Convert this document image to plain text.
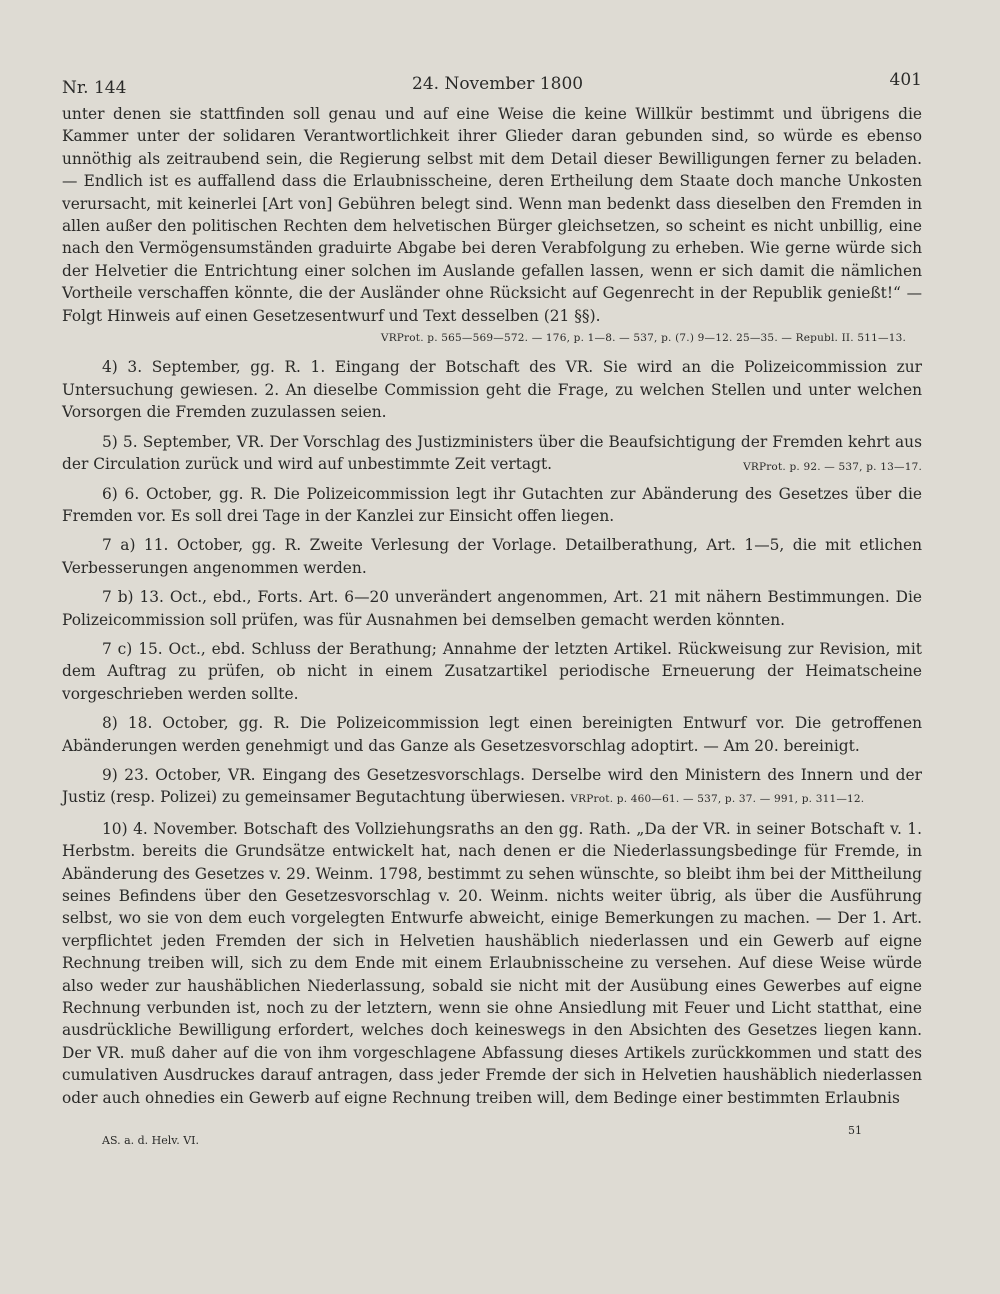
Nr. 144	24. November 1800	401

unter denen sie stattfinden soll genau und auf eine Weise die keine Willkür bestimmt und übrigens die Kammer unter der solidaren Verantwortlichkeit ihrer Glieder daran gebunden sind, so würde es ebenso unnöthig als zeitraubend sein, die Regierung selbst mit dem Detail dieser Bewilligungen ferner zu beladen. — Endlich ist es auffallend dass die Erlaubnisscheine, deren Ertheilung dem Staate doch manche Unkosten verursacht, mit keinerlei [Art von] Gebühren belegt sind. Wenn man bedenkt dass dieselben den Fremden in allen außer den politischen Rechten dem helvetischen Bürger gleichsetzen, so scheint es nicht unbillig, eine nach den Vermögensumständen graduirte Abgabe bei deren Verabfolgung zu erheben. Wie gerne würde sich der Helvetier die Entrichtung einer solchen im Auslande gefallen lassen, wenn er sich damit die nämlichen Vortheile verschaffen könnte, die der Ausländer ohne Rücksicht auf Gegenrecht in der Republik genießt!“ — Folgt Hinweis auf einen Gesetzesentwurf und Text desselben (21 §§).
VRProt. p. 565—569—572. — 176, p. 1—8. — 537, p. (7.) 9—12. 25—35. — Republ. II. 511—13.

4) 3. September, gg. R. 1. Eingang der Botschaft des VR. Sie wird an die Polizeicommission zur Untersuchung gewiesen. 2. An dieselbe Commission geht die Frage, zu welchen Stellen und unter welchen Vorsorgen die Fremden zuzulassen seien.

5) 5. September, VR. Der Vorschlag des Justizministers über die Beaufsichtigung der Fremden kehrt aus der Circulation zurück und wird auf unbestimmte Zeit vertagt.	VRProt. p. 92. — 537, p. 13—17.

6) 6. October, gg. R. Die Polizeicommission legt ihr Gutachten zur Abänderung des Gesetzes über die Fremden vor. Es soll drei Tage in der Kanzlei zur Einsicht offen liegen.

7 a) 11. October, gg. R. Zweite Verlesung der Vorlage. Detailberathung, Art. 1—5, die mit etlichen Verbesserungen angenommen werden.

7 b) 13. Oct., ebd., Forts. Art. 6—20 unverändert angenommen, Art. 21 mit nähern Bestimmungen. Die Polizeicommission soll prüfen, was für Ausnahmen bei demselben gemacht werden könnten.

7 c) 15. Oct., ebd. Schluss der Berathung; Annahme der letzten Artikel. Rückweisung zur Revision, mit dem Auftrag zu prüfen, ob nicht in einem Zusatzartikel periodische Erneuerung der Heimatscheine vorgeschrieben werden sollte.

8) 18. October, gg. R. Die Polizeicommission legt einen bereinigten Entwurf vor. Die getroffenen Abänderungen werden genehmigt und das Ganze als Gesetzesvorschlag adoptirt. — Am 20. bereinigt.

9) 23. October, VR. Eingang des Gesetzesvorschlags. Derselbe wird den Ministern des Innern und der Justiz (resp. Polizei) zu gemeinsamer Begutachtung überwiesen. VRProt. p. 460—61. — 537, p. 37. — 991, p. 311—12.

10) 4. November. Botschaft des Vollziehungsraths an den gg. Rath. „Da der VR. in seiner Botschaft v. 1. Herbstm. bereits die Grundsätze entwickelt hat, nach denen er die Niederlassungsbedinge für Fremde, in Abänderung des Gesetzes v. 29. Weinm. 1798, bestimmt zu sehen wünschte, so bleibt ihm bei der Mittheilung seines Befindens über den Gesetzesvorschlag v. 20. Weinm. nichts weiter übrig, als über die Ausführung selbst, wo sie von dem euch vorgelegten Entwurfe abweicht, einige Bemerkungen zu machen. — Der 1. Art. verpflichtet jeden Fremden der sich in Helvetien haushäblich niederlassen und ein Gewerb auf eigne Rechnung treiben will, sich zu dem Ende mit einem Erlaubnisscheine zu versehen. Auf diese Weise würde also weder zur haushäblichen Niederlassung, sobald sie nicht mit der Ausübung eines Gewerbes auf eigne Rechnung verbunden ist, noch zu der letztern, wenn sie ohne Ansiedlung mit Feuer und Licht statthat, eine ausdrückliche Bewilligung erfordert, welches doch keineswegs in den Absichten des Gesetzes liegen kann. Der VR. muß daher auf die von ihm vorgeschlagene Abfassung dieses Artikels zurückkommen und statt des cumulativen Ausdruckes darauf antragen, dass jeder Fremde der sich in Helvetien haushäblich niederlassen oder auch ohnedies ein Gewerb auf eigne Rechnung treiben will, dem Bedinge einer bestimmten Erlaubnis

51
AS. a. d. Helv. VI.
